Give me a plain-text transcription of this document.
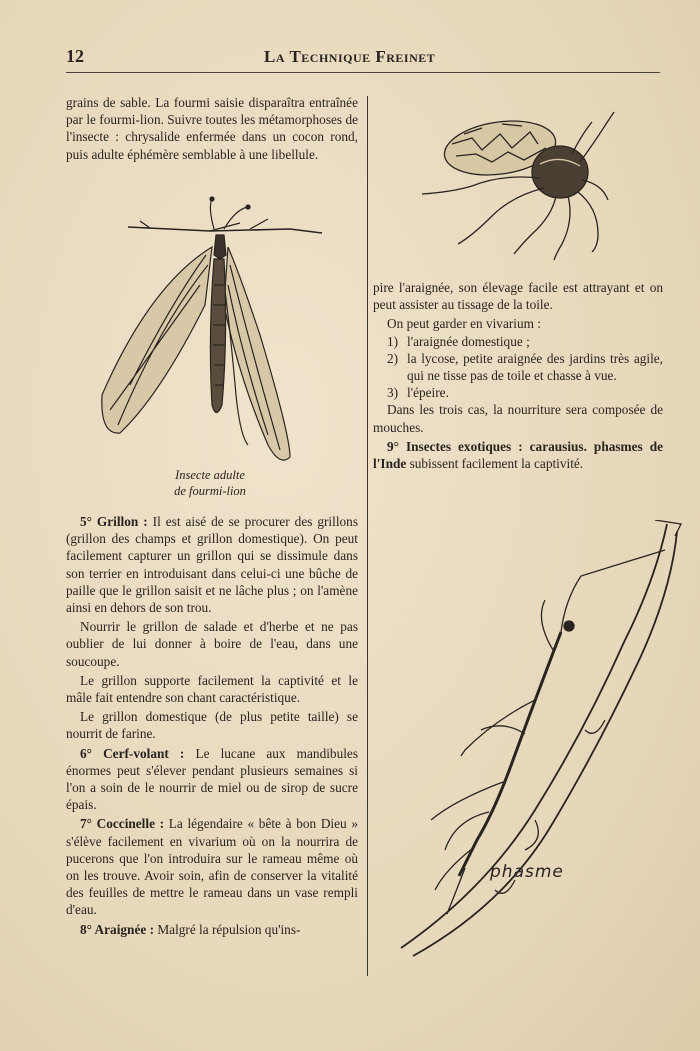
12	La Technique Freinet

grains de sable. La fourmi saisie disparaîtra entraînée par le fourmi-lion. Suivre toutes les métamorphoses de l'insecte : chrysalide enfermée dans un cocon rond, puis adulte éphémère semblable à une libellule.

Insecte adulte
de fourmi-lion

5° Grillon : Il est aisé de se procurer des grillons (grillon des champs et grillon domestique). On peut facilement capturer un grillon qui se dissimule dans son terrier en introduisant dans celui-ci une bûche de paille que le grillon saisit et ne lâche plus ; on l'amène ainsi en dehors de son trou.

Nourrir le grillon de salade et d'herbe et ne pas oublier de lui donner à boire de l'eau, dans une soucoupe.

Le grillon supporte facilement la captivité et le mâle fait entendre son chant caractéristique.

Le grillon domestique (de plus petite taille) se nourrit de farine.

6° Cerf-volant : Le lucane aux mandibules énormes peut s'élever pendant plusieurs semaines si l'on a soin de le nourrir de miel ou de sirop de sucre épais.

7° Coccinelle : La légendaire « bête à bon Dieu » s'élève facilement en vivarium où on la nourrira de pucerons que l'on introduira sur le rameau même où on les trouve. Avoir soin, afin de conserver la vitalité des feuilles de mettre le rameau dans un vase rempli d'eau.

8° Araignée : Malgré la répulsion qu'ins-

pire l'araignée, son élevage facile est attrayant et on peut assister au tissage de la toile.

On peut garder en vivarium :

1) l'araignée domestique ;
2) la lycose, petite araignée des jardins très agile, qui ne tisse pas de toile et chasse à vue.
3) l'épeire.

Dans les trois cas, la nourriture sera composée de mouches.

9° Insectes exotiques : carausius. phasmes de l'Inde subissent facilement la captivité.

phasme
